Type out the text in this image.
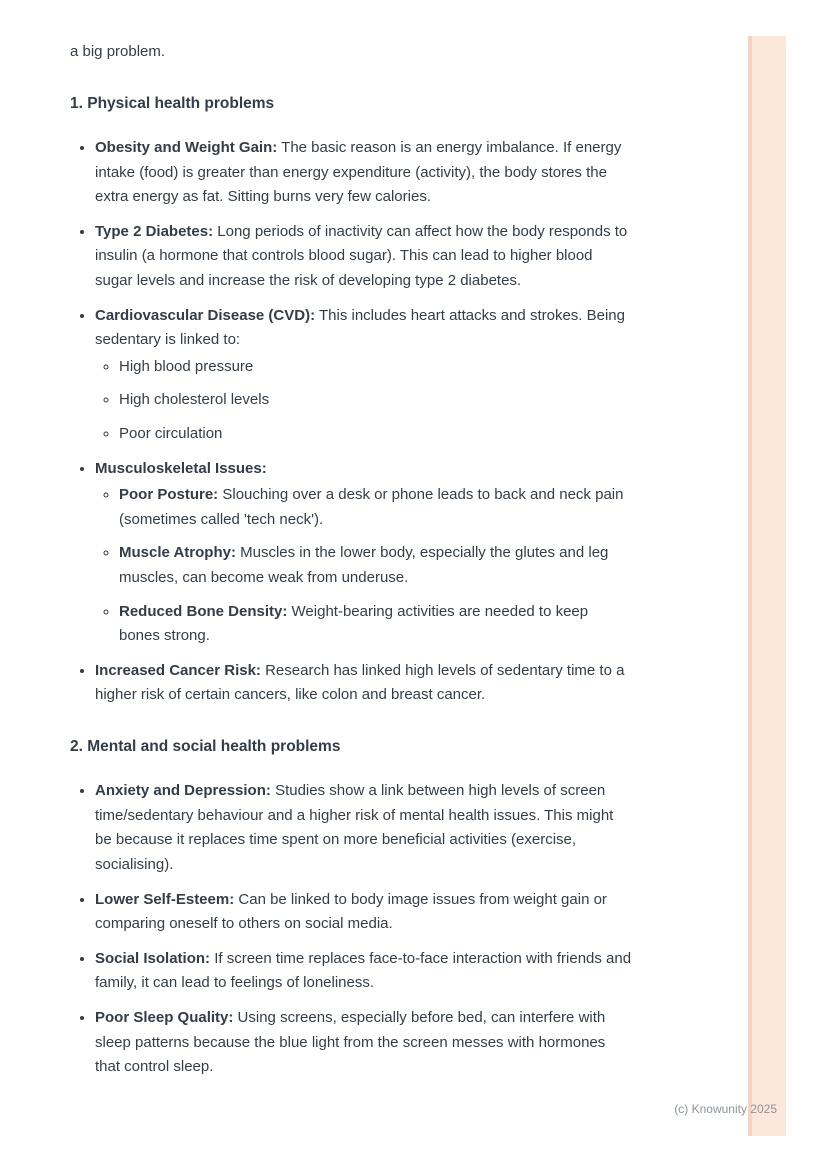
a big problem.

1. Physical health problems
• Obesity and Weight Gain: The basic reason is an energy imbalance. If energy intake (food) is greater than energy expenditure (activity), the body stores the extra energy as fat. Sitting burns very few calories.
• Type 2 Diabetes: Long periods of inactivity can affect how the body responds to insulin (a hormone that controls blood sugar). This can lead to higher blood sugar levels and increase the risk of developing type 2 diabetes.
• Cardiovascular Disease (CVD): This includes heart attacks and strokes. Being sedentary is linked to:
◦ High blood pressure
◦ High cholesterol levels
◦ Poor circulation
• Musculoskeletal Issues:
◦ Poor Posture: Slouching over a desk or phone leads to back and neck pain (sometimes called 'tech neck').
◦ Muscle Atrophy: Muscles in the lower body, especially the glutes and leg muscles, can become weak from underuse.
◦ Reduced Bone Density: Weight-bearing activities are needed to keep bones strong.
• Increased Cancer Risk: Research has linked high levels of sedentary time to a higher risk of certain cancers, like colon and breast cancer.
2. Mental and social health problems
• Anxiety and Depression: Studies show a link between high levels of screen time/sedentary behaviour and a higher risk of mental health issues. This might be because it replaces time spent on more beneficial activities (exercise, socialising).
• Lower Self-Esteem: Can be linked to body image issues from weight gain or comparing oneself to others on social media.
• Social Isolation: If screen time replaces face-to-face interaction with friends and family, it can lead to feelings of loneliness.
• Poor Sleep Quality: Using screens, especially before bed, can interfere with sleep patterns because the blue light from the screen messes with hormones that control sleep.
(c) Knowunity 2025
